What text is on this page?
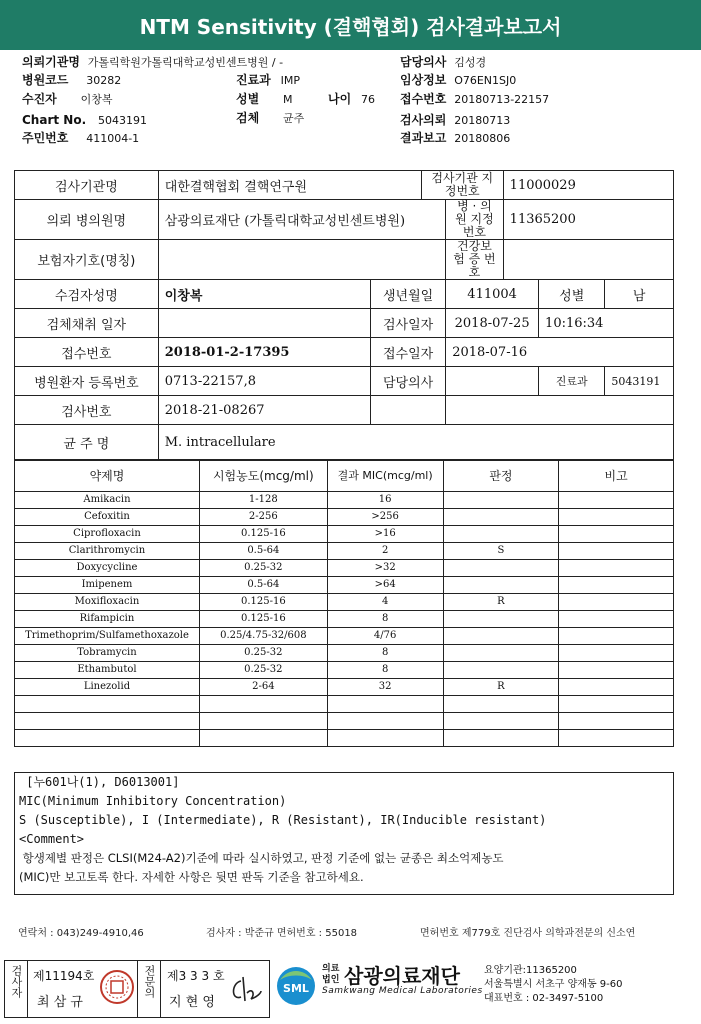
NTM Sensitivity (결핵협회) 검사결과보고서
의뢰기관명 가톨릭학원가톨릭대학교성빈센트병원 / -
병원코드 30282
수진자 이창복
Chart No. 5043191
주민번호 411004-1
진료과 IMP
성별 M	나이 76
검체 균주
담당의사 김성경
임상정보 O76EN1SJ0
접수번호 20180713-22157
검사의뢰 20180713
결과보고 20180806
검사기관명	대한결핵협회 결핵연구원		검사기관 지정번호		11000029		
의뢰 병의원명	삼광의료재단 (가톨릭대학교성빈센트병원)			병 · 의원 지정번호	11365200		
보험자기호(명칭)				건강보험 증 번호			
수검자성명	이창복	생년월일		411004		성별	남
검체채취 일자		검사일자		2018-07-25		10:16:34	
접수번호	2018-01-2-17395	접수일자		2018-07-16			
병원환자 등록번호	0713-22157,8	담당의사				진료과	5043191
검사번호	2018-21-08267						
균 주 명	M. intracellulare						
약제명	시험농도(mcg/ml)	결과 MIC(mcg/ml)	판정	비고
Amikacin	1-128	16		
Cefoxitin	2-256	>256		
Ciprofloxacin	0.125-16	>16		
Clarithromycin	0.5-64	2	S	
Doxycycline	0.25-32	>32		
Imipenem	0.5-64	>64		
Moxifloxacin	0.125-16	4	R	
Rifampicin	0.125-16	8		
Trimethoprim/Sulfamethoxazole	0.25/4.75-32/608	4/76		
Tobramycin	0.25-32	8		
Ethambutol	0.25-32	8		
Linezolid	2-64	32	R	

[누601나(1), D6013001]
MIC(Minimum Inhibitory Concentration)
S (Susceptible), I (Intermediate), R (Resistant), IR(Inducible resistant)
<Comment>
항생제별 판정은 CLSI(M24-A2)기준에 따라 실시하였고, 판정 기준에 없는 균종은 최소억제농도
(MIC)만 보고토록 한다. 자세한 사항은 뒷면 판독 기준을 참고하세요.
연락처 : 043)249-4910,46	검사자 : 박준규 면허번호 : 55018	면허번호 제779호 진단검사 의학과전문의 신소연
검사자 제11194호
최 삼 규
전문의 제3 3 3 호
지 현 영
SML
의료법인 삼광의료재단
Samkwang Medical Laboratories
요양기관:11365200
서울특별시 서초구 양재동 9-60
대표번호 : 02-3497-5100
